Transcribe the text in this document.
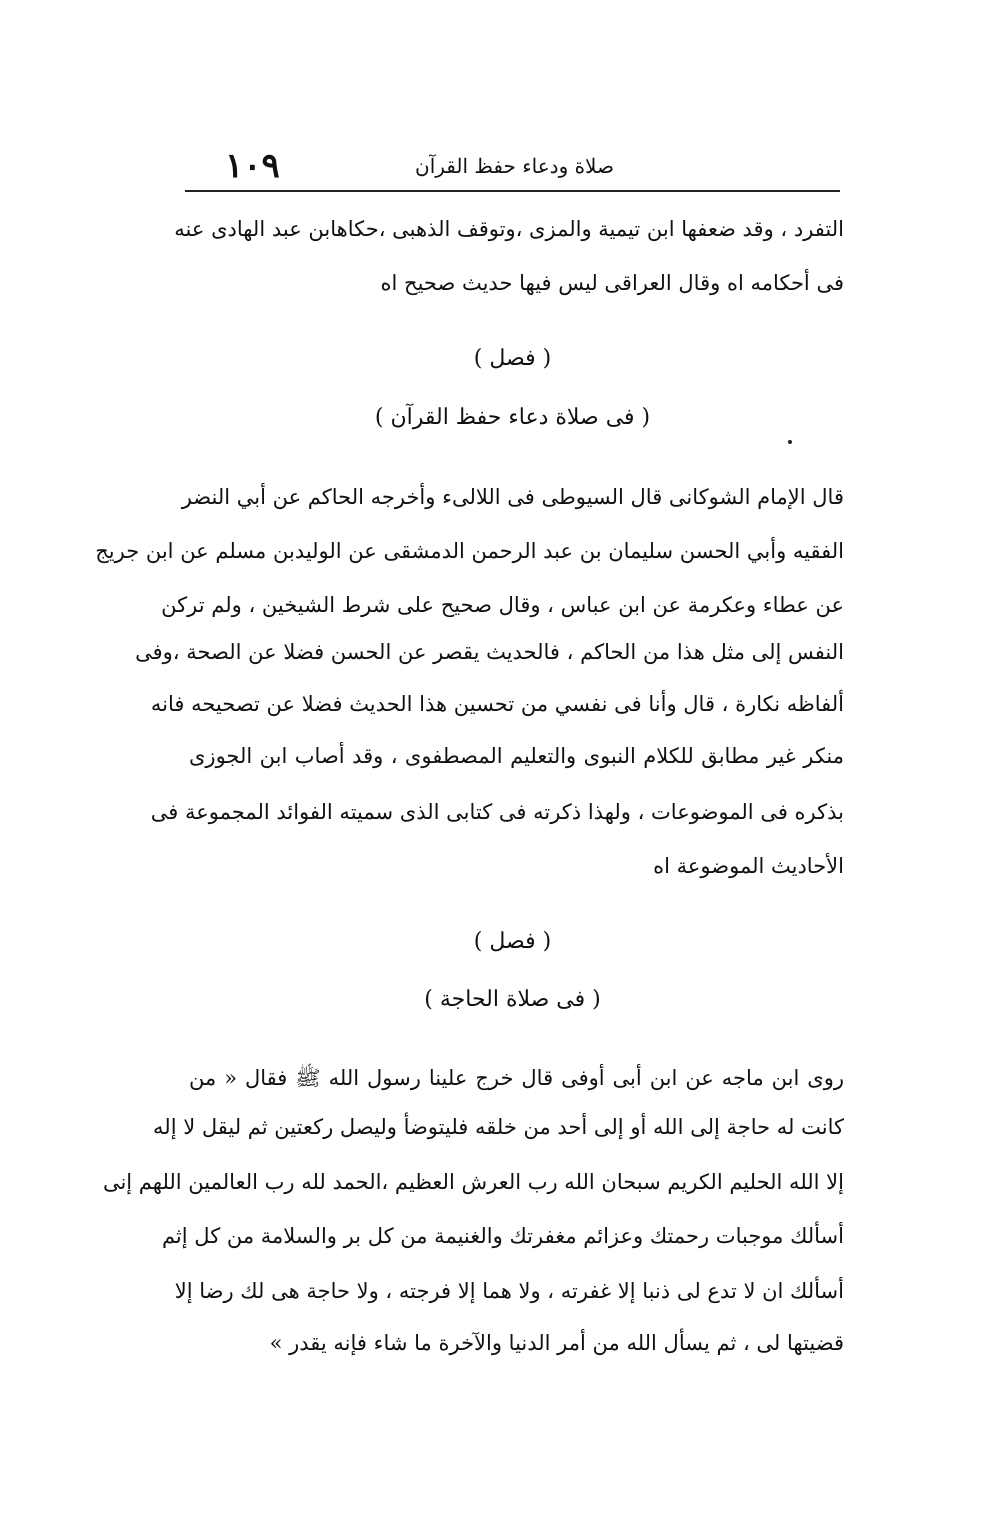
١٠٩	صلاة ودعاء حفظ القرآن
التفرد ، وقد ضعفها ابن تيمية والمزى ،وتوقف الذهبى ،حكاهابن عبد الهادى عنه
فى أحكامه اه وقال العراقى ليس فيها حديث صحيح اه
( فصل )
( فى صلاة دعاء حفظ القرآن )
قال الإمام الشوكانى قال السيوطى فى اللالىء وأخرجه الحاكم عن أبي النضر
الفقيه وأبي الحسن سليمان بن عبد الرحمن الدمشقى عن الوليدبن مسلم عن ابن جريج
عن عطاء وعكرمة عن ابن عباس ، وقال صحيح على شرط الشيخين ، ولم تركن
النفس إلى مثل هذا من الحاكم ، فالحديث يقصر عن الحسن فضلا عن الصحة ،وفى
ألفاظه نكارة ، قال وأنا فى نفسي من تحسين هذا الحديث فضلا عن تصحيحه فانه
منكر غير مطابق للكلام النبوى والتعليم المصطفوى ، وقد أصاب ابن الجوزى
بذكره فى الموضوعات ، ولهذا ذكرته فى كتابى الذى سميته الفوائد المجموعة فى
الأحاديث الموضوعة اه
( فصل )
( فى صلاة الحاجة )
روى ابن ماجه عن ابن أبى أوفى قال خرج علينا رسول الله ﷺ فقال « من
كانت له حاجة إلى الله أو إلى أحد من خلقه فليتوضأ وليصل ركعتين ثم ليقل لا إله
إلا الله الحليم الكريم سبحان الله رب العرش العظيم ،الحمد لله رب العالمين اللهم إنى
أسألك موجبات رحمتك وعزائم مغفرتك والغنيمة من كل بر والسلامة من كل إثم
أسألك ان لا تدع لى ذنبا إلا غفرته ، ولا هما إلا فرجته ، ولا حاجة هى لك رضا إلا
قضيتها لى ، ثم يسأل الله من أمر الدنيا والآخرة ما شاء فإنه يقدر »
